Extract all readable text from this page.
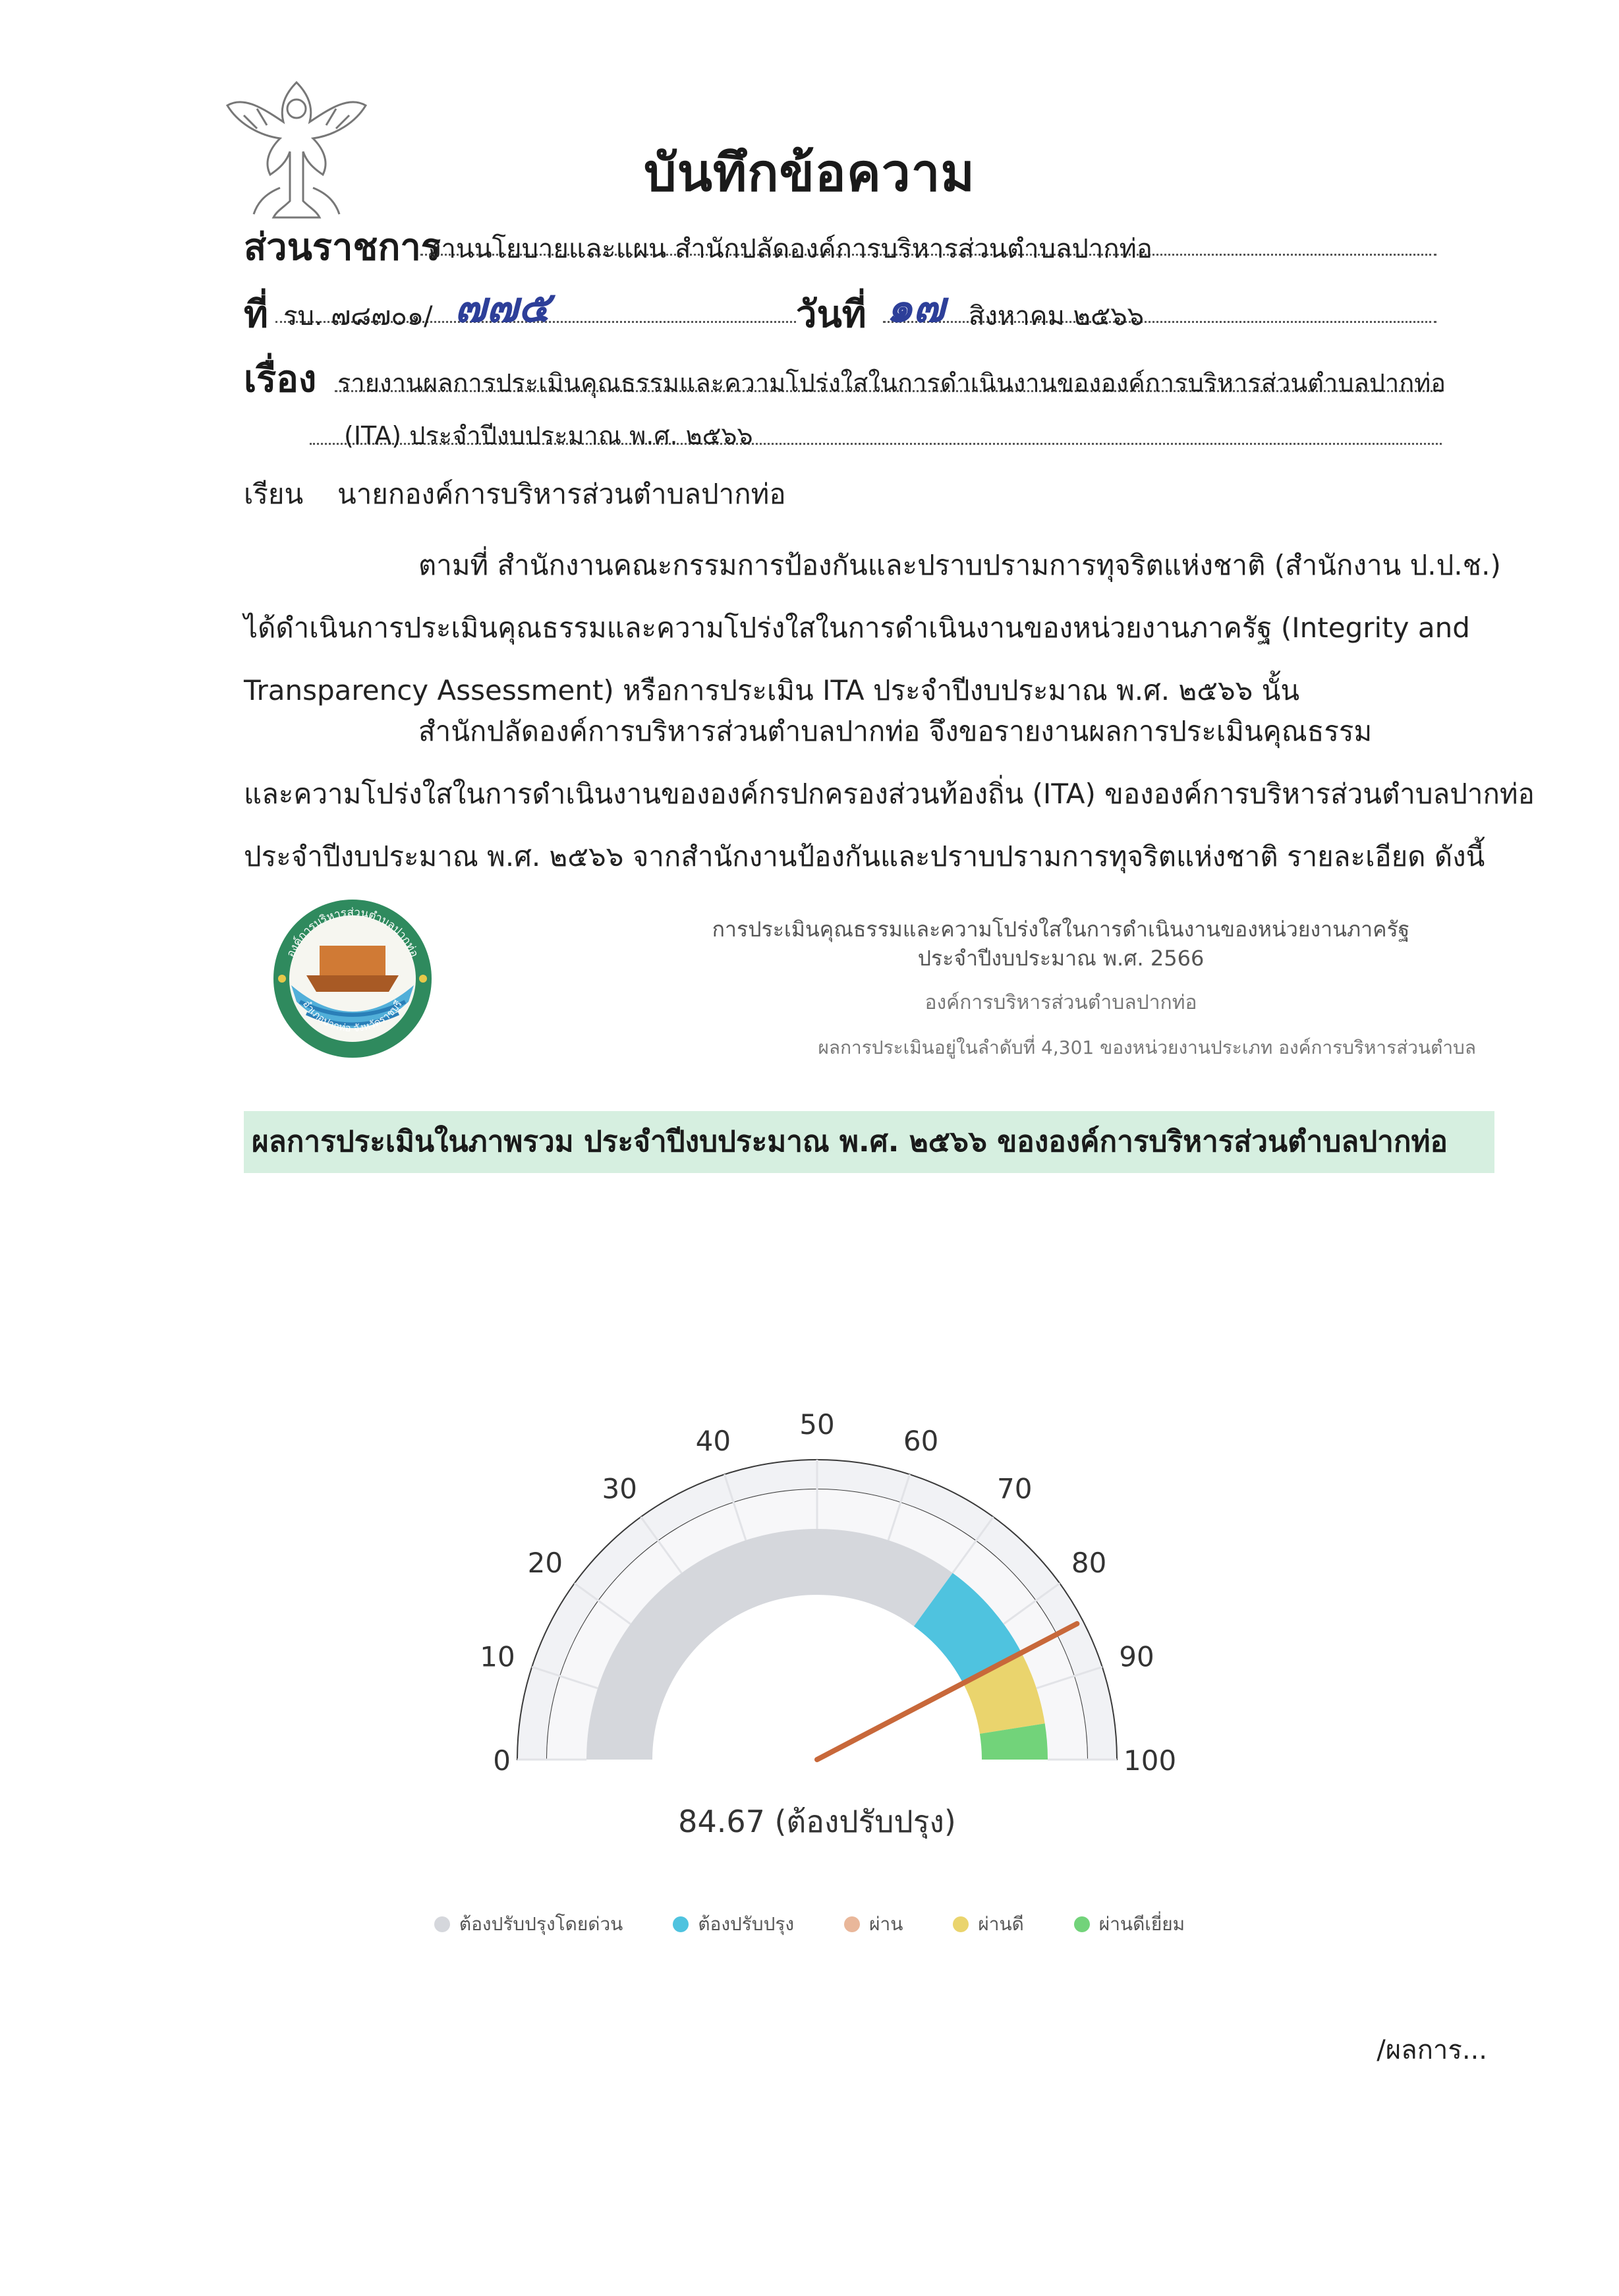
บันทึกข้อความ
ส่วนราชการ
งานนโยบายและแผน สำนักปลัดองค์การบริหารส่วนตำบลปากท่อ
ที่ รบ. ๗๘๗๐๑/ ๗๗๕	วันที่ ๑๗ สิงหาคม ๒๕๖๖
เรื่อง รายงานผลการประเมินคุณธรรมและความโปร่งใสในการดำเนินงานขององค์การบริหารส่วนตำบลปากท่อ
(ITA) ประจำปีงบประมาณ พ.ศ. ๒๕๖๖
เรียน นายกองค์การบริหารส่วนตำบลปากท่อ
ตามที่ สำนักงานคณะกรรมการป้องกันและปราบปรามการทุจริตแห่งชาติ (สำนักงาน ป.ป.ช.)
ได้ดำเนินการประเมินคุณธรรมและความโปร่งใสในการดำเนินงานของหน่วยงานภาครัฐ (Integrity and
Transparency Assessment) หรือการประเมิน ITA ประจำปีงบประมาณ พ.ศ. ๒๕๖๖ นั้น
สำนักปลัดองค์การบริหารส่วนตำบลปากท่อ จึงขอรายงานผลการประเมินคุณธรรม
และความโปร่งใสในการดำเนินงานขององค์กรปกครองส่วนท้องถิ่น (ITA) ขององค์การบริหารส่วนตำบลปากท่อ
ประจำปีงบประมาณ พ.ศ. ๒๕๖๖ จากสำนักงานป้องกันและปราบปรามการทุจริตแห่งชาติ รายละเอียด ดังนี้
องค์การบริหารส่วนตำบลปากท่อ
อำเภอปากท่อ จังหวัดราชบุรี
การประเมินคุณธรรมและความโปร่งใสในการดำเนินงานของหน่วยงานภาครัฐ
ประจำปีงบประมาณ พ.ศ. 2566
องค์การบริหารส่วนตำบลปากท่อ
ผลการประเมินอยู่ในลำดับที่ 4,301 ของหน่วยงานประเภท องค์การบริหารส่วนตำบล
ผลการประเมินในภาพรวม ประจำปีงบประมาณ พ.ศ. ๒๕๖๖ ขององค์การบริหารส่วนตำบลปากท่อ
0
10
20
30
40
50
60
70
80
90
100
84.67 (ต้องปรับปรุง)
ต้องปรับปรุงโดยด่วน	ต้องปรับปรุง	ผ่าน	ผ่านดี	ผ่านดีเยี่ยม
/ผลการ...
